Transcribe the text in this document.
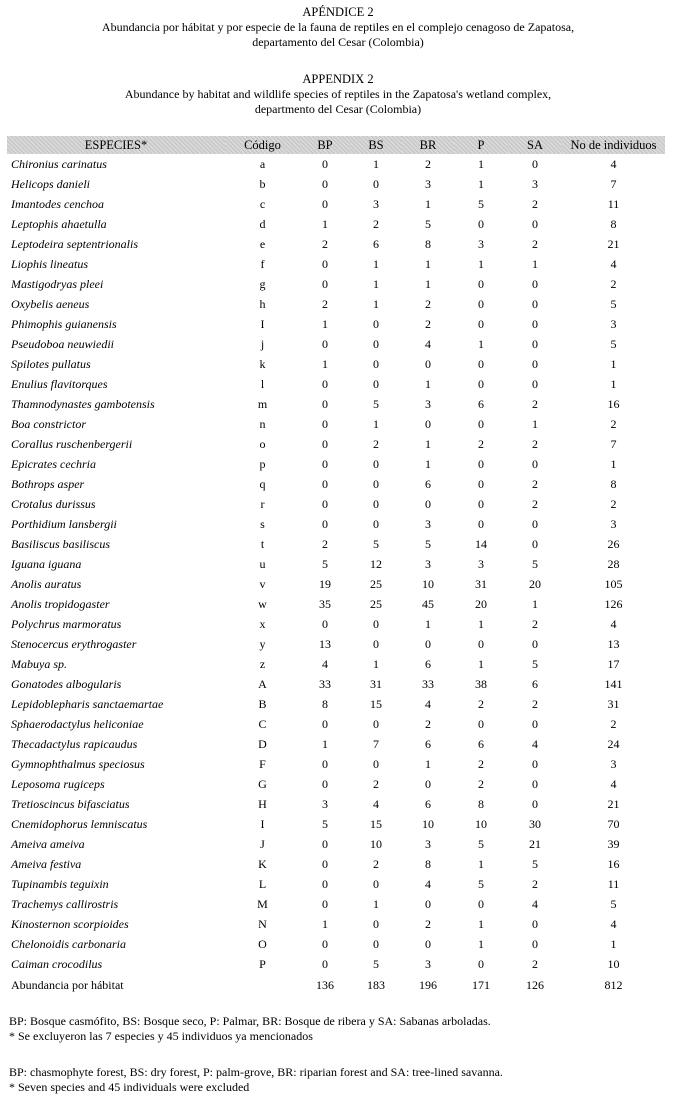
APÉNDICE 2
Abundancia por hábitat y por especie de la fauna de reptiles en el complejo cenagoso de Zapatosa,
departamento del Cesar (Colombia)
APPENDIX 2
Abundance by habitat and wildlife species of reptiles in the Zapatosa's wetland complex,
departmento del Cesar (Colombia)
ESPECIES*	Código	BP	BS	BR	P	SA	No de individuos
Chironius carinatus	a	0	1	2	1	0	4
Helicops danieli	b	0	0	3	1	3	7
Imantodes cenchoa	c	0	3	1	5	2	11
Leptophis ahaetulla	d	1	2	5	0	0	8
Leptodeira septentrionalis	e	2	6	8	3	2	21
Liophis lineatus	f	0	1	1	1	1	4
Mastigodryas pleei	g	0	1	1	0	0	2
Oxybelis aeneus	h	2	1	2	0	0	5
Phimophis guianensis	I	1	0	2	0	0	3
Pseudoboa neuwiedii	j	0	0	4	1	0	5
Spilotes pullatus	k	1	0	0	0	0	1
Enulius flavitorques	l	0	0	1	0	0	1
Thamnodynastes gambotensis	m	0	5	3	6	2	16
Boa constrictor	n	0	1	0	0	1	2
Corallus ruschenbergerii	o	0	2	1	2	2	7
Epicrates cechria	p	0	0	1	0	0	1
Bothrops asper	q	0	0	6	0	2	8
Crotalus durissus	r	0	0	0	0	2	2
Porthidium lansbergii	s	0	0	3	0	0	3
Basiliscus basiliscus	t	2	5	5	14	0	26
Iguana iguana	u	5	12	3	3	5	28
Anolis auratus	v	19	25	10	31	20	105
Anolis tropidogaster	w	35	25	45	20	1	126
Polychrus marmoratus	x	0	0	1	1	2	4
Stenocercus erythrogaster	y	13	0	0	0	0	13
Mabuya sp.	z	4	1	6	1	5	17
Gonatodes albogularis	A	33	31	33	38	6	141
Lepidoblepharis sanctaemartae	B	8	15	4	2	2	31
Sphaerodactylus heliconiae	C	0	0	2	0	0	2
Thecadactylus rapicaudus	D	1	7	6	6	4	24
Gymnophthalmus speciosus	F	0	0	1	2	0	3
Leposoma rugiceps	G	0	2	0	2	0	4
Tretioscincus bifasciatus	H	3	4	6	8	0	21
Cnemidophorus lemniscatus	I	5	15	10	10	30	70
Ameiva ameiva	J	0	10	3	5	21	39
Ameiva festiva	K	0	2	8	1	5	16
Tupinambis teguixin	L	0	0	4	5	2	11
Trachemys callirostris	M	0	1	0	0	4	5
Kinosternon scorpioides	N	1	0	2	1	0	4
Chelonoidis carbonaria	O	0	0	0	1	0	1
Caiman crocodilus	P	0	5	3	0	2	10
Abundancia por hábitat		136	183	196	171	126	812
BP: Bosque casmófito, BS: Bosque seco, P: Palmar, BR: Bosque de ribera y SA: Sabanas arboladas.
* Se excluyeron las 7 especies y 45 individuos ya mencionados
BP: chasmophyte forest, BS: dry forest, P: palm-grove, BR: riparian forest and SA: tree-lined savanna.
* Seven species and 45 individuals were excluded
